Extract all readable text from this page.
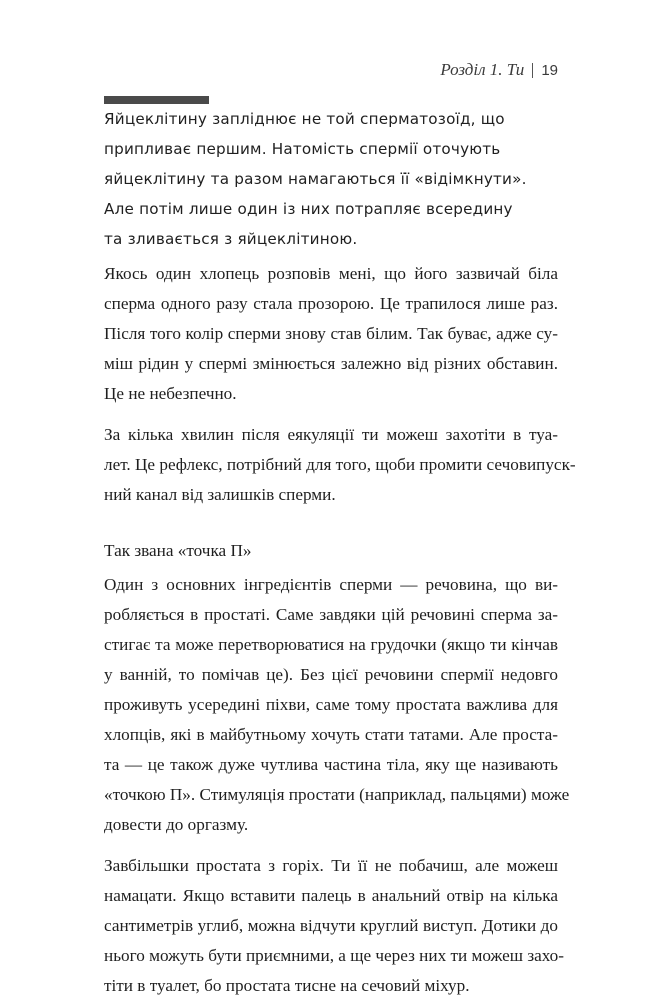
Розділ 1. Ти 19

Яйцеклітину запліднює не той сперматозоїд, що

припливає першим. Натомість спермії оточують

яйцеклітину та разом намагаються її «відімкнути».

Але потім лише один із них потрапляє всередину

та зливається з яйцеклітиною.

Якось один хлопець розповів мені, що його зазвичай біла
сперма одного разу стала прозорою. Це трапилося лише раз.
Після того колір сперми знову став білим. Так буває, адже су-
міш рідин у спермі змінюється залежно від різних обставин.
Це не небезпечно.

За кілька хвилин після еякуляції ти можеш захотіти в туа-
лет. Це рефлекс, потрібний для того, щоби промити сечовипуск-
ний канал від залишків сперми.

Так звана «точка П»

Один з основних інгредієнтів сперми — речовина, що ви-
робляється в простаті. Саме завдяки цій речовині сперма за-
стигає та може перетворюватися на грудочки (якщо ти кінчав
у ванній, то помічав це). Без цієї речовини спермії недовго
проживуть усередині піхви, саме тому простата важлива для
хлопців, які в майбутньому хочуть стати татами. Але проста-
та — це також дуже чутлива частина тіла, яку ще називають
«точкою П». Стимуляція простати (наприклад, пальцями) може
довести до оргазму.

Завбільшки простата з горіх. Ти її не побачиш, але можеш
намацати. Якщо вставити палець в анальний отвір на кілька
сантиметрів углиб, можна відчути круглий виступ. Дотики до
нього можуть бути приємними, а ще через них ти можеш захо-
тіти в туалет, бо простата тисне на сечовий міхур.
